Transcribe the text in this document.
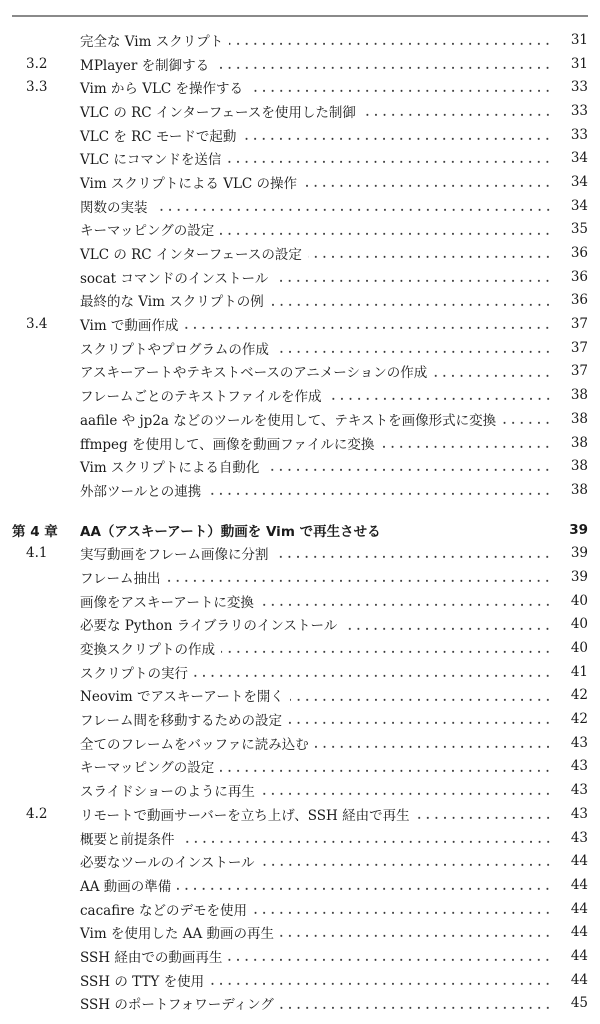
完全な Vim スクリプト	31
3.2	MPlayer を制御する	31
3.3	Vim から VLC を操作する	33
VLC の RC インターフェースを使用した制御	33
VLC を RC モードで起動	33
VLC にコマンドを送信	34
Vim スクリプトによる VLC の操作	34
関数の実装	34
キーマッピングの設定	35
VLC の RC インターフェースの設定	36
socat コマンドのインストール	36
最終的な Vim スクリプトの例	36
3.4	Vim で動画作成	37
スクリプトやプログラムの作成	37
アスキーアートやテキストベースのアニメーションの作成	37
フレームごとのテキストファイルを作成	38
aafile や jp2a などのツールを使用して、テキストを画像形式に変換	38
ffmpeg を使用して、画像を動画ファイルに変換	38
Vim スクリプトによる自動化	38
外部ツールとの連携	38
第 4 章	AA（アスキーアート）動画を Vim で再生させる	39
4.1	実写動画をフレーム画像に分割	39
フレーム抽出	39
画像をアスキーアートに変換	40
必要な Python ライブラリのインストール	40
変換スクリプトの作成	40
スクリプトの実行	41
Neovim でアスキーアートを開く	42
フレーム間を移動するための設定	42
全てのフレームをバッファに読み込む	43
キーマッピングの設定	43
スライドショーのように再生	43
4.2	リモートで動画サーバーを立ち上げ、SSH 経由で再生	43
概要と前提条件	43
必要なツールのインストール	44
AA 動画の準備	44
cacafire などのデモを使用	44
Vim を使用した AA 動画の再生	44
SSH 経由での動画再生	44
SSH の TTY を使用	44
SSH のポートフォワーディング	45
